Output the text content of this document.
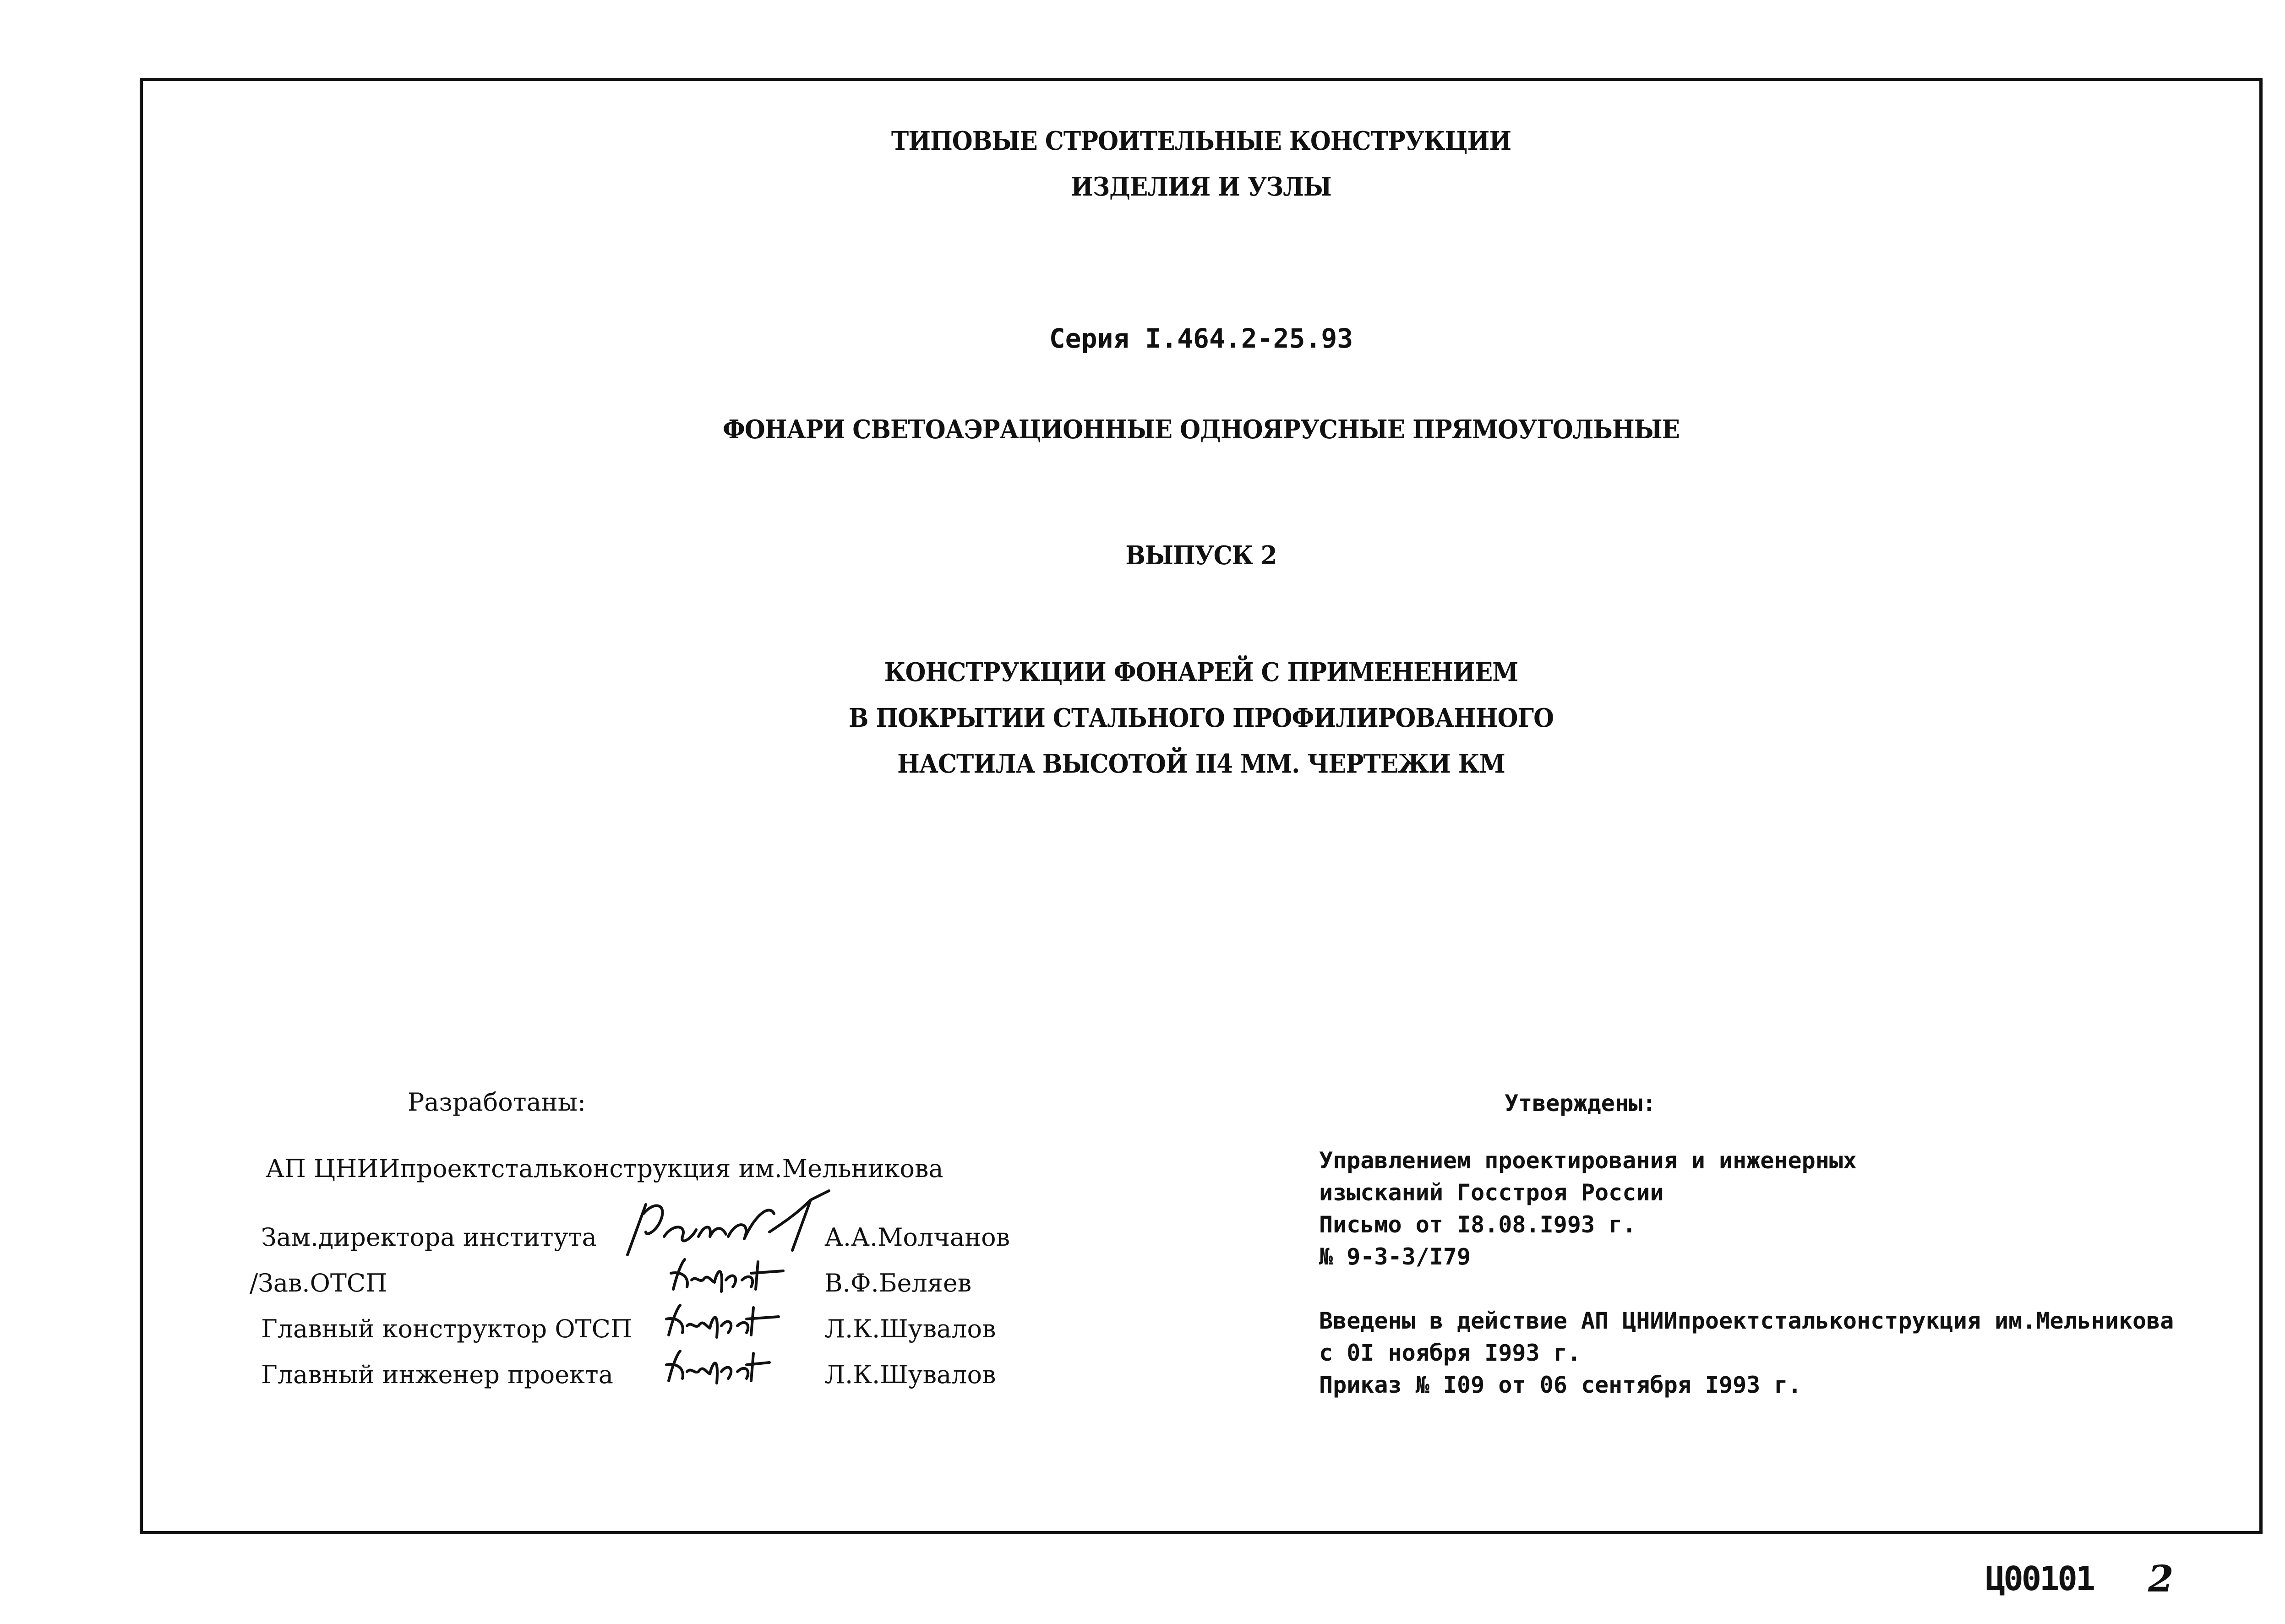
ТИПОВЫЕ СТРОИТЕЛЬНЫЕ КОНСТРУКЦИИ
ИЗДЕЛИЯ И УЗЛЫ
Серия I.464.2-25.93
ФОНАРИ СВЕТОАЭРАЦИОННЫЕ ОДНОЯРУСНЫЕ ПРЯМОУГОЛЬНЫЕ
ВЫПУСК 2
КОНСТРУКЦИИ ФОНАРЕЙ С ПРИМЕНЕНИЕМ
В ПОКРЫТИИ СТАЛЬНОГО ПРОФИЛИРОВАННОГО
НАСТИЛА ВЫСОТОЙ II4 ММ. ЧЕРТЕЖИ КМ
Разработаны:
АП ЦНИИпроектстальконструкция им.Мельникова
Зам.директора института
/Зав.ОТСП
Главный конструктор ОТСП
Главный инженер проекта
А.А.Молчанов
В.Ф.Беляев
Л.К.Шувалов
Л.К.Шувалов
Утверждены:
Управлением проектирования и инженерных
изысканий Госстроя России
Письмо от I8.08.I993 г.
№ 9-3-3/I79
Введены в действие АП ЦНИИпроектстальконструкция им.Мельникова
с 0I ноября I993 г.
Приказ № I09 от 06 сентября I993 г.
Ц00101 2
